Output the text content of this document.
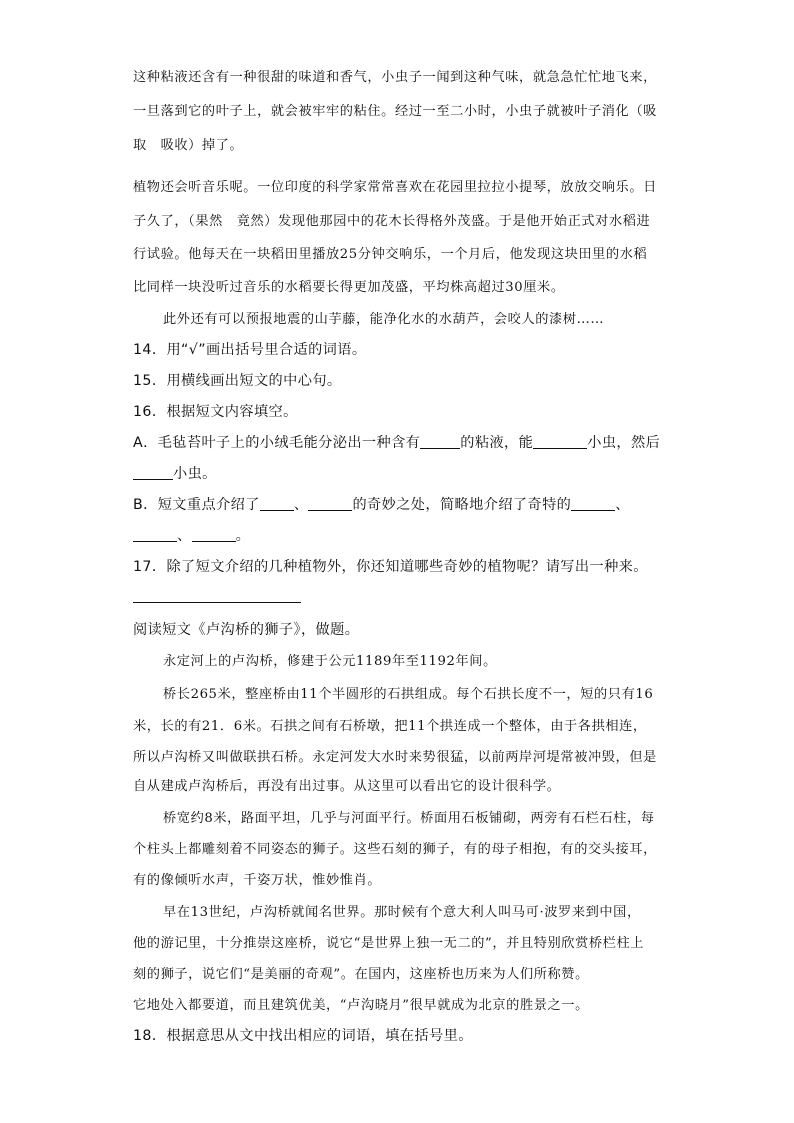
这种粘液还含有一种很甜的味道和香气，小虫子一闻到这种气味，就急急忙忙地飞来，
一旦落到它的叶子上，就会被牢牢的粘住。经过一至二小时，小虫子就被叶子消化（吸
取　吸收）掉了。
植物还会听音乐呢。一位印度的科学家常常喜欢在花园里拉拉小提琴，放放交响乐。日
子久了，（果然　竟然）发现他那园中的花木长得格外茂盛。于是他开始正式对水稻进
行试验。他每天在一块稻田里播放25分钟交响乐，一个月后，他发现这块田里的水稻
比同样一块没听过音乐的水稻要长得更加茂盛，平均株高超过30厘米。
此外还有可以预报地震的山芋藤，能净化水的水葫芦，会咬人的漆树……
14．用“√”画出括号里合适的词语。
15．用横线画出短文的中心句。
16．根据短文内容填空。
A．毛毡苔叶子上的小绒毛能分泌出一种含有	的粘液，能	小虫，然后
小虫。
B．短文重点介绍了 、	的奇妙之处，简略地介绍了奇特的	、
、	。
17．除了短文介绍的几种植物外，你还知道哪些奇妙的植物呢？请写出一种来。
阅读短文《卢沟桥的狮子》，做题。
永定河上的卢沟桥，修建于公元1189年至1192年间。
桥长265米，整座桥由11个半圆形的石拱组成。每个石拱长度不一，短的只有16
米，长的有21．6米。石拱之间有石桥墩，把11个拱连成一个整体，由于各拱相连，
所以卢沟桥又叫做联拱石桥。永定河发大水时来势很猛，以前两岸河堤常被冲毁，但是
自从建成卢沟桥后，再没有出过事。从这里可以看出它的设计很科学。
桥宽约8米，路面平坦，几乎与河面平行。桥面用石板铺砌，两旁有石栏石柱，每
个柱头上都雕刻着不同姿态的狮子。这些石刻的狮子，有的母子相抱，有的交头接耳，
有的像倾听水声，千姿万状，惟妙惟肖。
早在13世纪，卢沟桥就闻名世界。那时候有个意大利人叫马可·波罗来到中国，
他的游记里，十分推崇这座桥，说它“是世界上独一无二的”，并且特别欣赏桥栏柱上
刻的狮子，说它们“是美丽的奇观”。在国内，这座桥也历来为人们所称赞。
它地处入都要道，而且建筑优美，“卢沟晓月”很早就成为北京的胜景之一。
18．根据意思从文中找出相应的词语，填在括号里。
